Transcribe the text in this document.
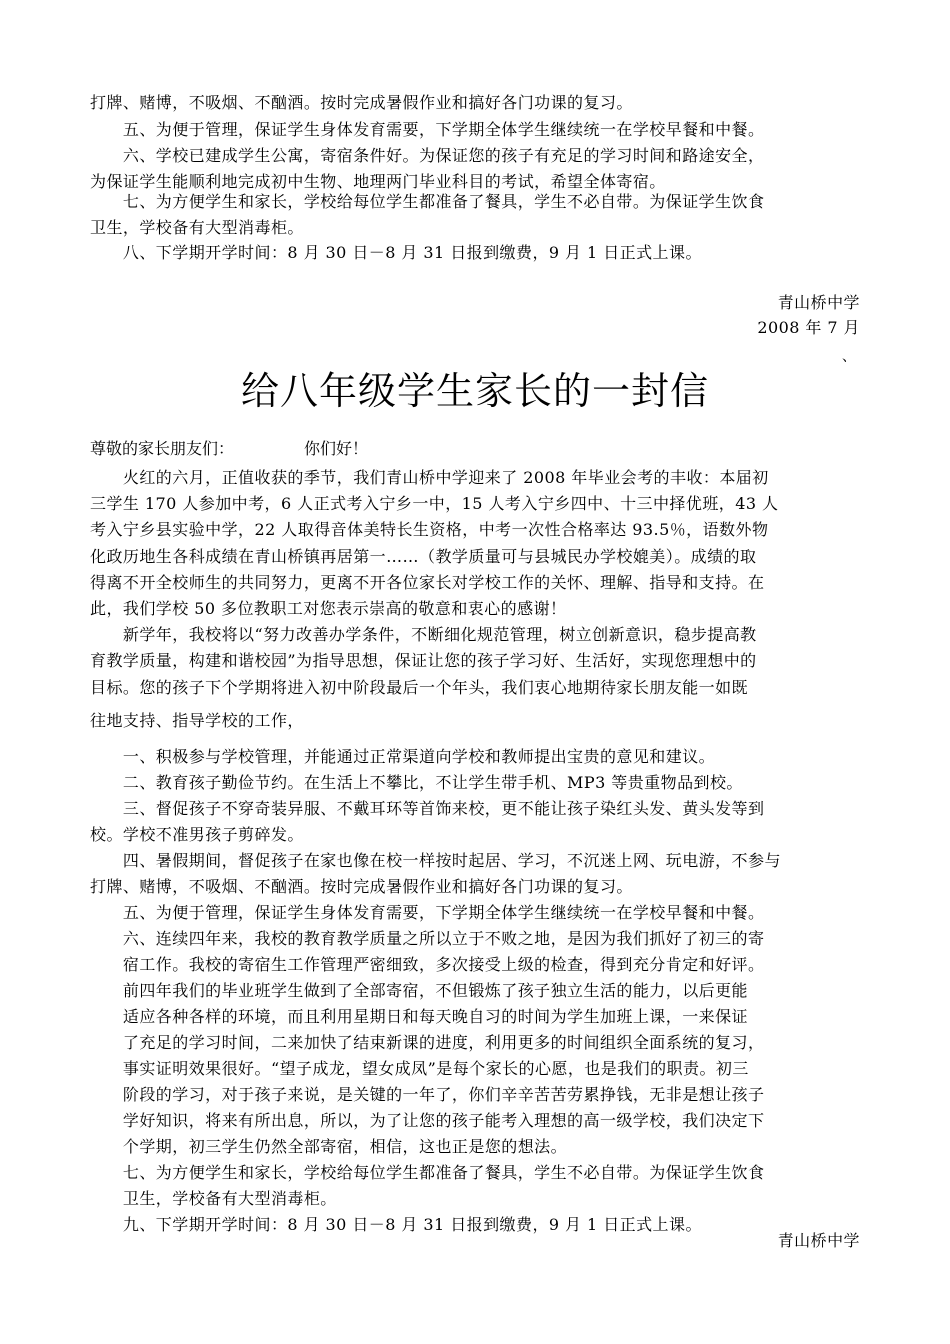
打牌、赌博，不吸烟、不酗酒。按时完成暑假作业和搞好各门功课的复习。
　　五、为便于管理，保证学生身体发育需要，下学期全体学生继续统一在学校早餐和中餐。
　　六、学校已建成学生公寓，寄宿条件好。为保证您的孩子有充足的学习时间和路途安全，
为保证学生能顺利地完成初中生物、地理两门毕业科目的考试，希望全体寄宿。
　　七、为方便学生和家长，学校给每位学生都准备了餐具，学生不必自带。为保证学生饮食
卫生，学校备有大型消毒柜。
　　八、下学期开学时间：8 月 30 日－8 月 31 日报到缴费，9 月 1 日正式上课。
青山桥中学
2008 年 7 月
、
给八年级学生家长的一封信
尊敬的家长朋友们：	你们好！
　　火红的六月，正值收获的季节，我们青山桥中学迎来了 2008 年毕业会考的丰收：本届初
三学生 170 人参加中考，6 人正式考入宁乡一中，15 人考入宁乡四中、十三中择优班，43 人
考入宁乡县实验中学，22 人取得音体美特长生资格，中考一次性合格率达 93.5％，语数外物
化政历地生各科成绩在青山桥镇再居第一……（教学质量可与县城民办学校媲美）。成绩的取
得离不开全校师生的共同努力，更离不开各位家长对学校工作的关怀、理解、指导和支持。在
此，我们学校 50 多位教职工对您表示崇高的敬意和衷心的感谢！
　　新学年，我校将以“努力改善办学条件，不断细化规范管理，树立创新意识，稳步提高教
育教学质量，构建和谐校园”为指导思想，保证让您的孩子学习好、生活好，实现您理想中的
目标。您的孩子下个学期将进入初中阶段最后一个年头，我们衷心地期待家长朋友能一如既
往地支持、指导学校的工作，
　　一、积极参与学校管理，并能通过正常渠道向学校和教师提出宝贵的意见和建议。
　　二、教育孩子勤俭节约。在生活上不攀比，不让学生带手机、MP3 等贵重物品到校。
　　三、督促孩子不穿奇装异服、不戴耳环等首饰来校，更不能让孩子染红头发、黄头发等到
校。学校不准男孩子剪碎发。
　　四、暑假期间，督促孩子在家也像在校一样按时起居、学习，不沉迷上网、玩电游，不参与
打牌、赌博，不吸烟、不酗酒。按时完成暑假作业和搞好各门功课的复习。
　　五、为便于管理，保证学生身体发育需要，下学期全体学生继续统一在学校早餐和中餐。
　　六、连续四年来，我校的教育教学质量之所以立于不败之地，是因为我们抓好了初三的寄
　　宿工作。我校的寄宿生工作管理严密细致，多次接受上级的检查，得到充分肯定和好评。
　　前四年我们的毕业班学生做到了全部寄宿，不但锻炼了孩子独立生活的能力，以后更能
　　适应各种各样的环境，而且利用星期日和每天晚自习的时间为学生加班上课，一来保证
　　了充足的学习时间，二来加快了结束新课的进度，利用更多的时间组织全面系统的复习，
　　事实证明效果很好。“望子成龙，望女成凤”是每个家长的心愿，也是我们的职责。初三
　　阶段的学习，对于孩子来说，是关键的一年了，你们辛辛苦苦劳累挣钱，无非是想让孩子
　　学好知识，将来有所出息，所以，为了让您的孩子能考入理想的高一级学校，我们决定下
　　个学期，初三学生仍然全部寄宿，相信，这也正是您的想法。
　　七、为方便学生和家长，学校给每位学生都准备了餐具，学生不必自带。为保证学生饮食
　　卫生，学校备有大型消毒柜。
　　九、下学期开学时间：8 月 30 日－8 月 31 日报到缴费，9 月 1 日正式上课。
青山桥中学
